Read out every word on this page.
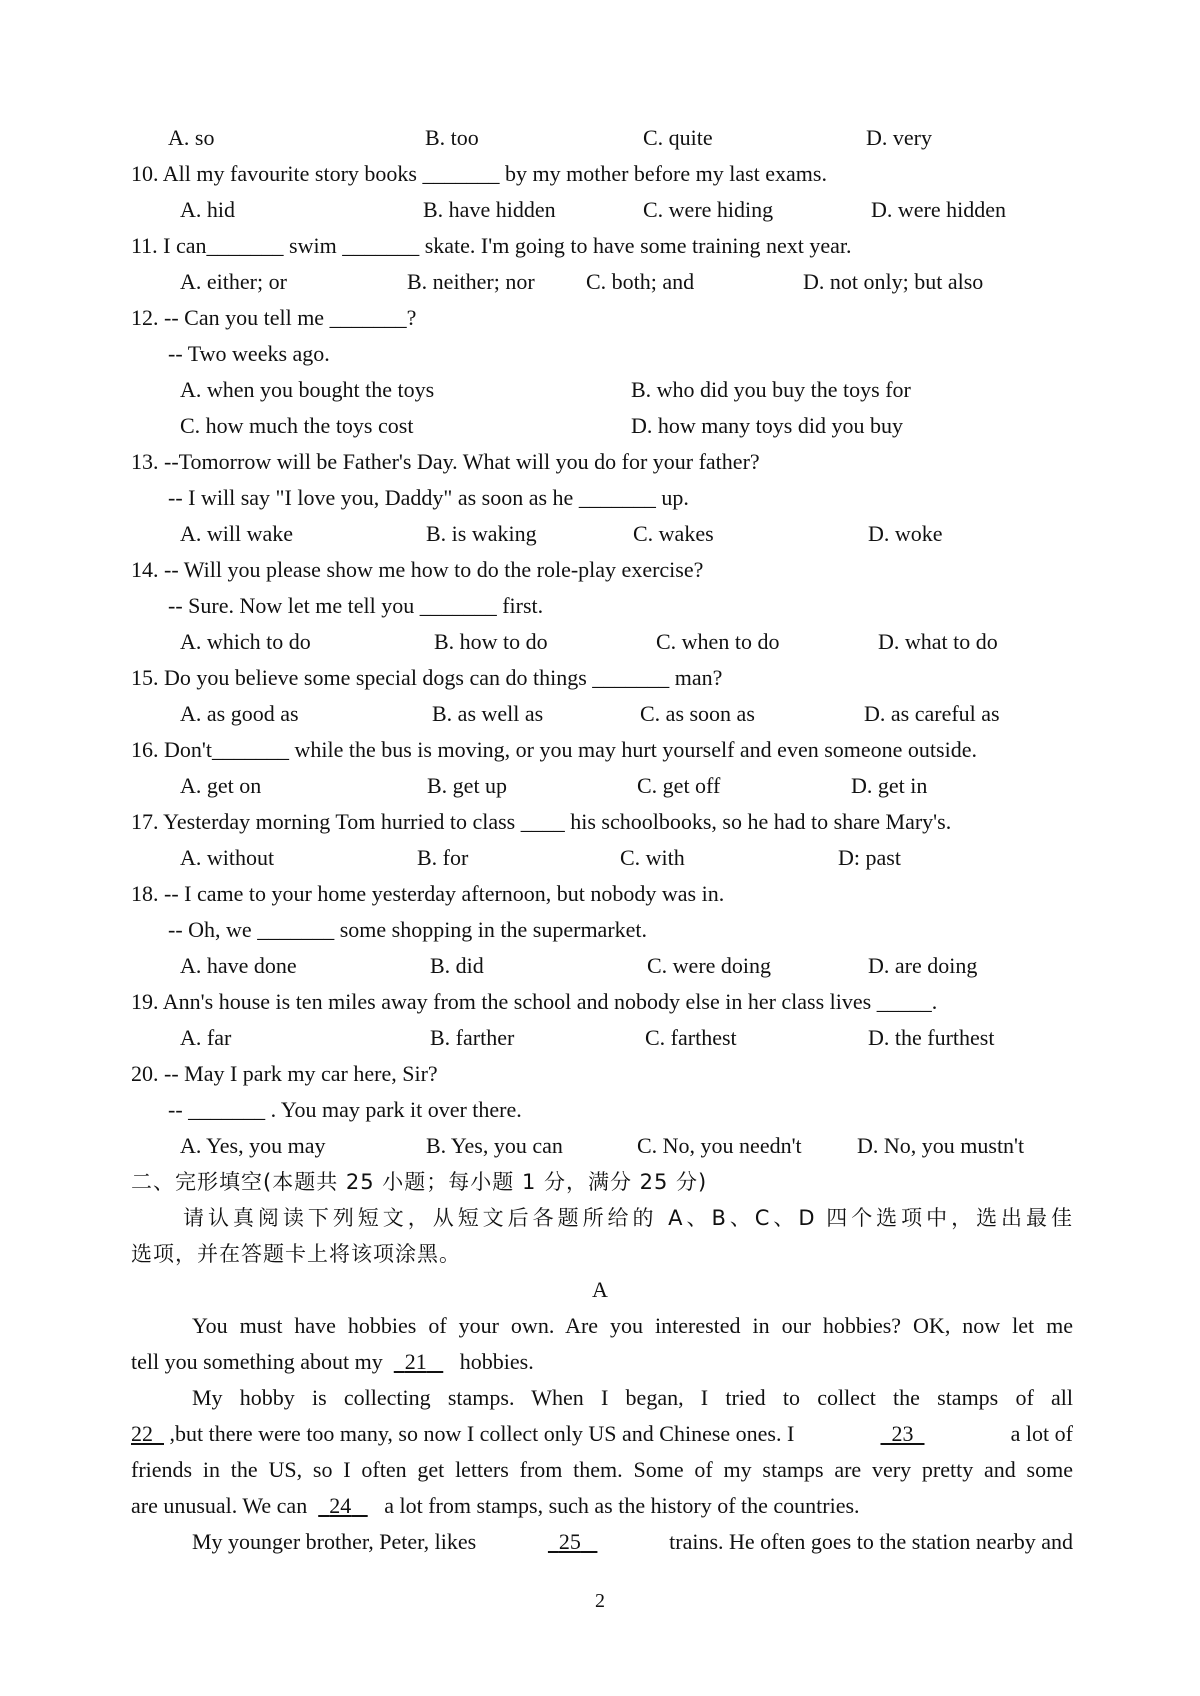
A. so	B. too	C. quite	D. very
10. All my favourite story books _______ by my mother before my last exams.
A. hid	B. have hidden	C. were hiding	D. were hidden
11. I can_______ swim _______ skate. I'm going to have some training next year.
A. either; or	B. neither; nor C. both; and	D. not only; but also
12. -- Can you tell me _______?
-- Two weeks ago.
A. when you bought the toys	B. who did you buy the toys for
C. how much the toys cost	D. how many toys did you buy
13. --Tomorrow will be Father's Day. What will you do for your father?
-- I will say "I love you, Daddy" as soon as he _______ up.
A. will wake	B. is waking	C. wakes	D. woke
14. -- Will you please show me how to do the role-play exercise?
-- Sure. Now let me tell you _______ first.
A. which to do	B. how to do	C. when to do	D. what to do
15. Do you believe some special dogs can do things _______ man?
A. as good as	B. as well as	C. as soon as	D. as careful as
16. Don't_______ while the bus is moving, or you may hurt yourself and even someone outside.
A. get on	B. get up	C. get off	D. get in
17. Yesterday morning Tom hurried to class ____ his schoolbooks, so he had to share Mary's.
A. without	B. for	C. with	D: past
18. -- I came to your home yesterday afternoon, but nobody was in.
-- Oh, we _______ some shopping in the supermarket.
A. have done	B. did	C. were doing	D. are doing
19. Ann's house is ten miles away from the school and nobody else in her class lives _____.
A. far	B. farther	C. farthest	D. the furthest
20. -- May I park my car here, Sir?
-- _______ . You may park it over there.
A. Yes, you may	B. Yes, you can	C. No, you needn't	D. No, you mustn't
二、完形填空(本题共 25 小题；每小题 1 分，满分 25 分)
请认真阅读下列短文，从短文后各题所给的 A、B、C、D 四个选项中，选出最佳
选项，并在答题卡上将该项涂黑。
A
You must have hobbies of your own. Are you interested in our hobbies? OK, now let me
tell you something about my 21 hobbies.
My hobby is collecting stamps. When I began, I tried to collect the stamps of all
22 ,but there were too many, so now I collect only US and Chinese ones. I	23	a lot of
friends in the US, so I often get letters from them. Some of my stamps are very pretty and some
are unusual. We can 24 a lot from stamps, such as the history of the countries.
My younger brother, Peter, likes	25	trains. He often goes to the station nearby and
2
